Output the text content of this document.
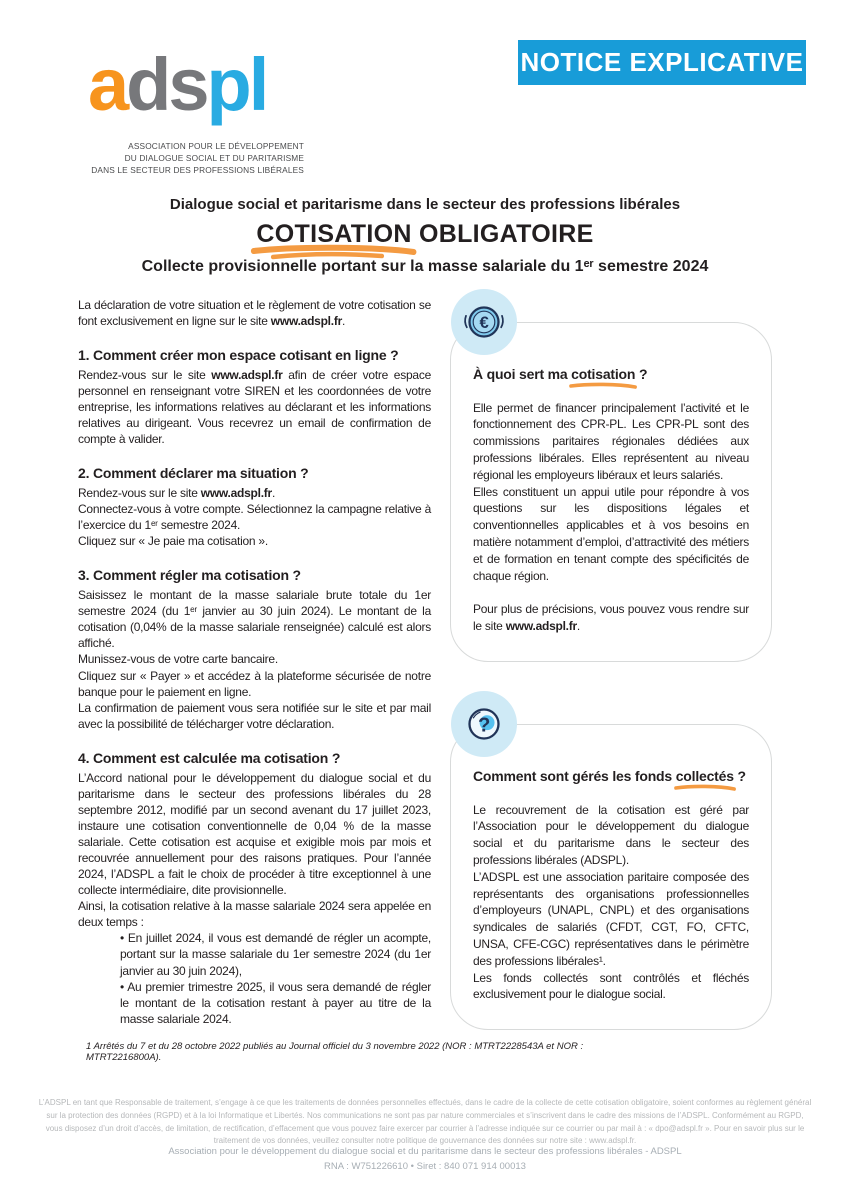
NOTICE EXPLICATIVE
adspl
ASSOCIATION POUR LE DÉVELOPPEMENT
DU DIALOGUE SOCIAL ET DU PARITARISME
DANS LE SECTEUR DES PROFESSIONS LIBÉRALES

Dialogue social et paritarisme dans le secteur des professions libérales

COTISATION
OBLIGATOIRE

Collecte provisionnelle portant sur la masse salariale du 1ᵉʳ semestre 2024

La déclaration de votre situation et le règlement de votre cotisation se font exclusivement en ligne sur le site www.adspl.fr.

1. Comment créer mon espace cotisant en ligne ?

Rendez-vous sur le site www.adspl.fr afin de créer votre espace personnel en renseignant votre SIREN et les coordonnées de votre entreprise, les informations relatives au déclarant et les informations relatives au dirigeant. Vous recevrez un email de confirmation de compte à valider.

2. Comment déclarer ma situation ?

Rendez-vous sur le site www.adspl.fr.

Connectez-vous à votre compte. Sélectionnez la campagne relative à l’exercice du 1ᵉʳ semestre 2024.

Cliquez sur « Je paie ma cotisation ».

3. Comment régler ma cotisation ?

Saisissez le montant de la masse salariale brute totale du 1er semestre 2024 (du 1ᵉʳ janvier au 30 juin 2024). Le montant de la cotisation (0,04% de la masse salariale renseignée) calculé est alors affiché.

Munissez-vous de votre carte bancaire.

Cliquez sur « Payer » et accédez à la plateforme sécurisée de notre banque pour le paiement en ligne.

La confirmation de paiement vous sera notifiée sur le site et par mail avec la possibilité de télécharger votre déclaration.

4. Comment est calculée ma cotisation ?

L’Accord national pour le développement du dialogue social et du paritarisme dans le secteur des professions libérales du 28 septembre 2012, modifié par un second avenant du 17 juillet 2023, instaure une cotisation conventionnelle de 0,04 % de la masse salariale. Cette cotisation est acquise et exigible mois par mois et recouvrée annuellement pour des raisons pratiques. Pour l’année 2024, l’ADSPL a fait le choix de procéder à titre exceptionnel à une collecte intermédiaire, dite provisionnelle.

Ainsi, la cotisation relative à la masse salariale 2024 sera appelée en deux temps :

• En juillet 2024, il vous est demandé de régler un acompte, portant sur la masse salariale du 1er semestre 2024 (du 1er janvier au 30 juin 2024),

• Au premier trimestre 2025, il vous sera demandé de régler le montant de la cotisation restant à payer au titre de la masse salariale 2024.

€
À quoi sert ma cotisation
?

Elle permet de financer principalement l’activité et le fonctionnement des CPR-PL. Les CPR-PL sont des commissions paritaires régionales dédiées aux professions libérales. Elles représentent au niveau régional les employeurs libéraux et leurs salariés.

Elles constituent un appui utile pour répondre à vos questions sur les dispositions légales et conventionnelles applicables et à vos besoins en matière notamment d’emploi, d’attractivité des métiers et de formation en tenant compte des spécificités de chaque région.

Pour plus de précisions, vous pouvez vous rendre sur le site www.adspl.fr.

?
Comment sont gérés les fonds collectés
?

Le recouvrement de la cotisation est géré par l’Association pour le développement du dialogue social et du paritarisme dans le secteur des professions libérales (ADSPL).

L’ADSPL est une association paritaire composée des représentants des organisations professionnelles d’employeurs (UNAPL, CNPL) et des organisations syndicales de salariés (CFDT, CGT, FO, CFTC, UNSA, CFE-CGC) représentatives dans le périmètre des professions libérales¹.

Les fonds collectés sont contrôlés et fléchés exclusivement pour le dialogue social.

1 Arrêtés du 7 et du 28 octobre 2022 publiés au Journal officiel du 3 novembre 2022 (NOR : MTRT2228543A et NOR : MTRT2216800A).

L’ADSPL en tant que Responsable de traitement, s’engage à ce que les traitements de données personnelles effectués, dans le cadre de la collecte de cette cotisation obligatoire, soient conformes au règlement général sur la protection des données (RGPD) et à la loi Informatique et Libertés. Nos communications ne sont pas par nature commerciales et s’inscrivent dans le cadre des missions de l’ADSPL. Conformément au RGPD, vous disposez d’un droit d’accès, de limitation, de rectification, d’effacement que vous pouvez faire exercer par courrier à l’adresse indiquée sur ce courrier ou par mail à : « dpo@adspl.fr ». Pour en savoir plus sur le traitement de vos données, veuillez consulter notre politique de gouvernance des données sur notre site : www.adspl.fr.

Association pour le développement du dialogue social et du paritarisme dans le secteur des professions libérales - ADSPL
RNA : W751226610 • Siret : 840 071 914 00013
